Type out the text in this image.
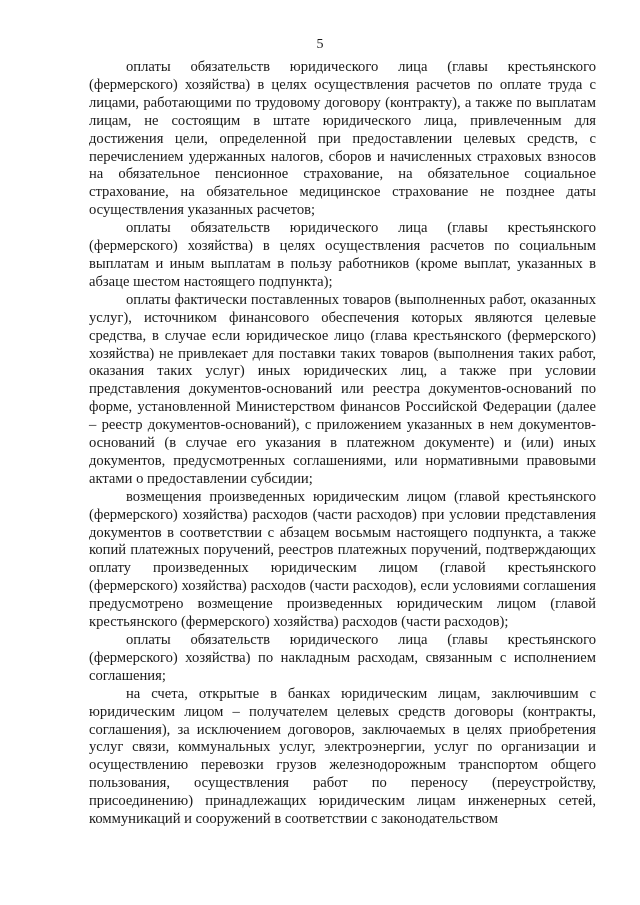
5

оплаты обязательств юридического лица (главы крестьянского (фермерского) хозяйства) в целях осуществления расчетов по оплате труда с лицами, работающими по трудовому договору (контракту), а также по выплатам лицам, не состоящим в штате юридического лица, привлеченным для достижения цели, определенной при предоставлении целевых средств, с перечислением удержанных налогов, сборов и начисленных страховых взносов на обязательное пенсионное страхование, на обязательное социальное страхование, на обязательное медицинское страхование не позднее даты осуществления указанных расчетов;

оплаты обязательств юридического лица (главы крестьянского (фермерского) хозяйства) в целях осуществления расчетов по социальным выплатам и иным выплатам в пользу работников (кроме выплат, указанных в абзаце шестом настоящего подпункта);

оплаты фактически поставленных товаров (выполненных работ, оказанных услуг), источником финансового обеспечения которых являются целевые средства, в случае если юридическое лицо (глава крестьянского (фермерского) хозяйства) не привлекает для поставки таких товаров (выполнения таких работ, оказания таких услуг) иных юридических лиц, а также при условии представления документов-оснований или реестра документов-оснований по форме, установленной Министерством финансов Российской Федерации (далее – реестр документов-оснований), с приложением указанных в нем документов-оснований (в случае его указания в платежном документе) и (или) иных документов, предусмотренных соглашениями, или нормативными правовыми актами о предоставлении субсидии;

возмещения произведенных юридическим лицом (главой крестьянского (фермерского) хозяйства) расходов (части расходов) при условии представления документов в соответствии с абзацем восьмым настоящего подпункта, а также копий платежных поручений, реестров платежных поручений, подтверждающих оплату произведенных юридическим лицом (главой крестьянского (фермерского) хозяйства) расходов (части расходов), если условиями соглашения предусмотрено возмещение произведенных юридическим лицом (главой крестьянского (фермерского) хозяйства) расходов (части расходов);

оплаты обязательств юридического лица (главы крестьянского (фермерского) хозяйства) по накладным расходам, связанным с исполнением соглашения;

на счета, открытые в банках юридическим лицам, заключившим с юридическим лицом – получателем целевых средств договоры (контракты, соглашения), за исключением договоров, заключаемых в целях приобретения услуг связи, коммунальных услуг, электроэнергии, услуг по организации и осуществлению перевозки грузов железнодорожным транспортом общего пользования, осуществления работ по переносу (переустройству, присоединению) принадлежащих юридическим лицам инженерных сетей, коммуникаций и сооружений в соответствии с законодательством
